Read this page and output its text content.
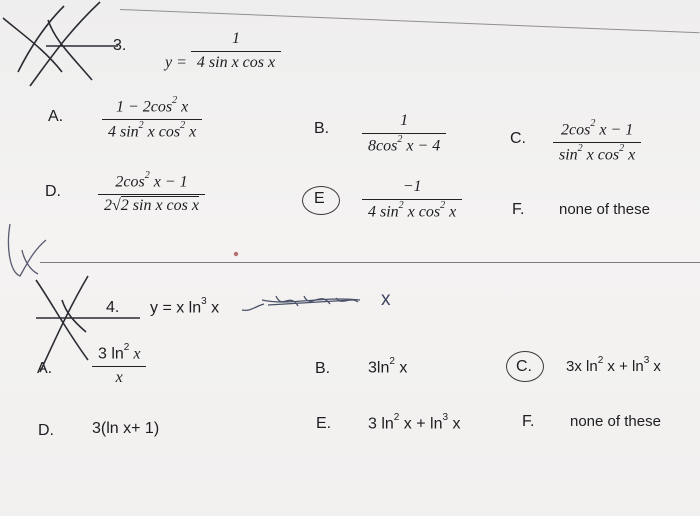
3.
$y = \frac{1}{\text{4 sin x cos x}}$
A. $\frac{1 - 2\cos^2 x}{4 \sin^2 x \cos^2 x}$	B. $\frac{1}{8\cos^2 x - 4}$	C. $\frac{2\cos^2 x - 1}{\sin^2 x \cos^2 x}$
D. $\frac{2\cos^2 x - 1}{\text{2√2 sin x cos x}}$	E $\frac{-1}{4 \sin^2 x \cos^2 x}$	F. none of these
4. y = x $\ln^3 x$	x
A. $\frac{3 \ln^2 x}{x}$	B. $3\ln^2$ x	C. 3x $\ln^2 x + \ln^3 x$
D. 3(ln x+ 1)	E. 3 $\ln^2 x + \ln^3 x$	F. none of these
